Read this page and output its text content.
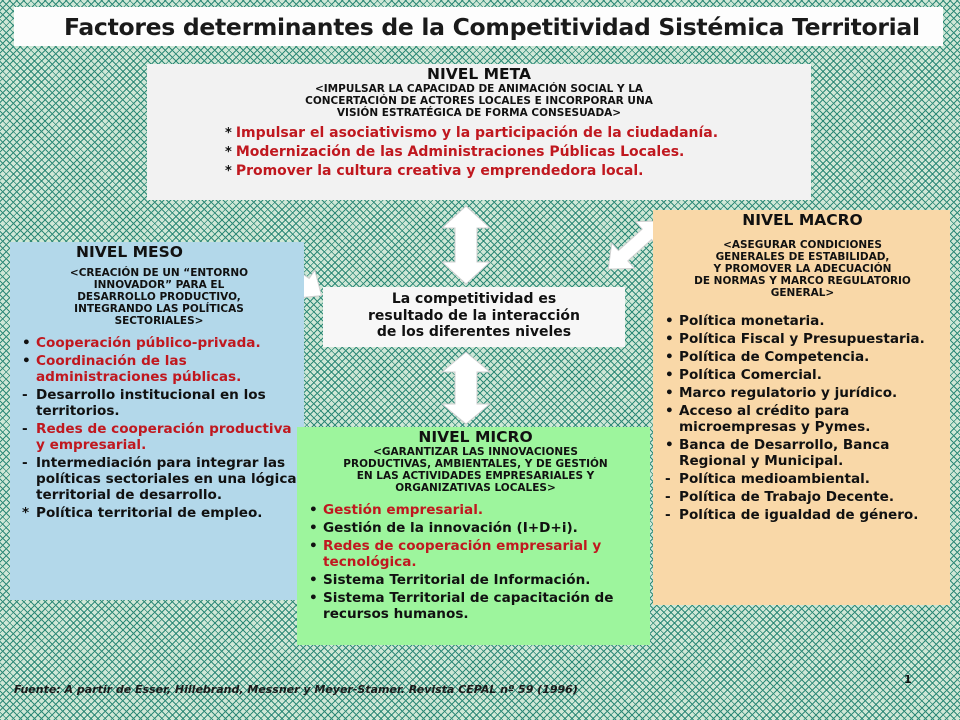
Factores determinantes de la Competitividad Sistémica Territorial
NIVEL META
<IMPULSAR LA CAPACIDAD DE ANIMACIÓN SOCIAL Y LA
CONCERTACIÓN DE ACTORES LOCALES E INCORPORAR UNA
VISIÓN ESTRATÉGICA DE FORMA CONSESUADA>
* Impulsar el asociativismo y la participación de la ciudadanía.
* Modernización de las Administraciones Públicas Locales.
* Promover la cultura creativa y emprendedora local.
NIVEL MESO
<CREACIÓN DE UN “ENTORNO
INNOVADOR” PARA EL
DESARROLLO PRODUCTIVO,
INTEGRANDO LAS POLÍTICAS
SECTORIALES>
• Cooperación público-privada.
• Coordinación de las administraciones públicas.
- Desarrollo institucional en los territorios.
- Redes de cooperación productiva y empresarial.
- Intermediación para integrar las políticas sectoriales en una lógica territorial de desarrollo.
* Política territorial de empleo.
La competitividad es
resultado de la interacción
de los diferentes niveles
NIVEL MACRO
<ASEGURAR CONDICIONES
GENERALES DE ESTABILIDAD,
Y PROMOVER LA ADECUACIÓN
DE NORMAS Y MARCO REGULATORIO
GENERAL>
• Política monetaria.
• Política Fiscal y Presupuestaria.
• Política de Competencia.
• Política Comercial.
• Marco regulatorio y jurídico.
• Acceso al crédito para microempresas y Pymes.
• Banca de Desarrollo, Banca Regional y Municipal.
- Política medioambiental.
- Política de Trabajo Decente.
- Política de igualdad de género.
NIVEL MICRO
<GARANTIZAR LAS INNOVACIONES
PRODUCTIVAS, AMBIENTALES, Y DE GESTIÓN
EN LAS ACTIVIDADES EMPRESARIALES Y
ORGANIZATIVAS LOCALES>
• Gestión empresarial.
• Gestión de la innovación (I+D+i).
• Redes de cooperación empresarial y tecnológica.
• Sistema Territorial de Información.
• Sistema Territorial de capacitación de recursos humanos.
Fuente: A partir de Esser, Hillebrand, Messner y Meyer-Stamer. Revista CEPAL nº 59 (1996)
1
